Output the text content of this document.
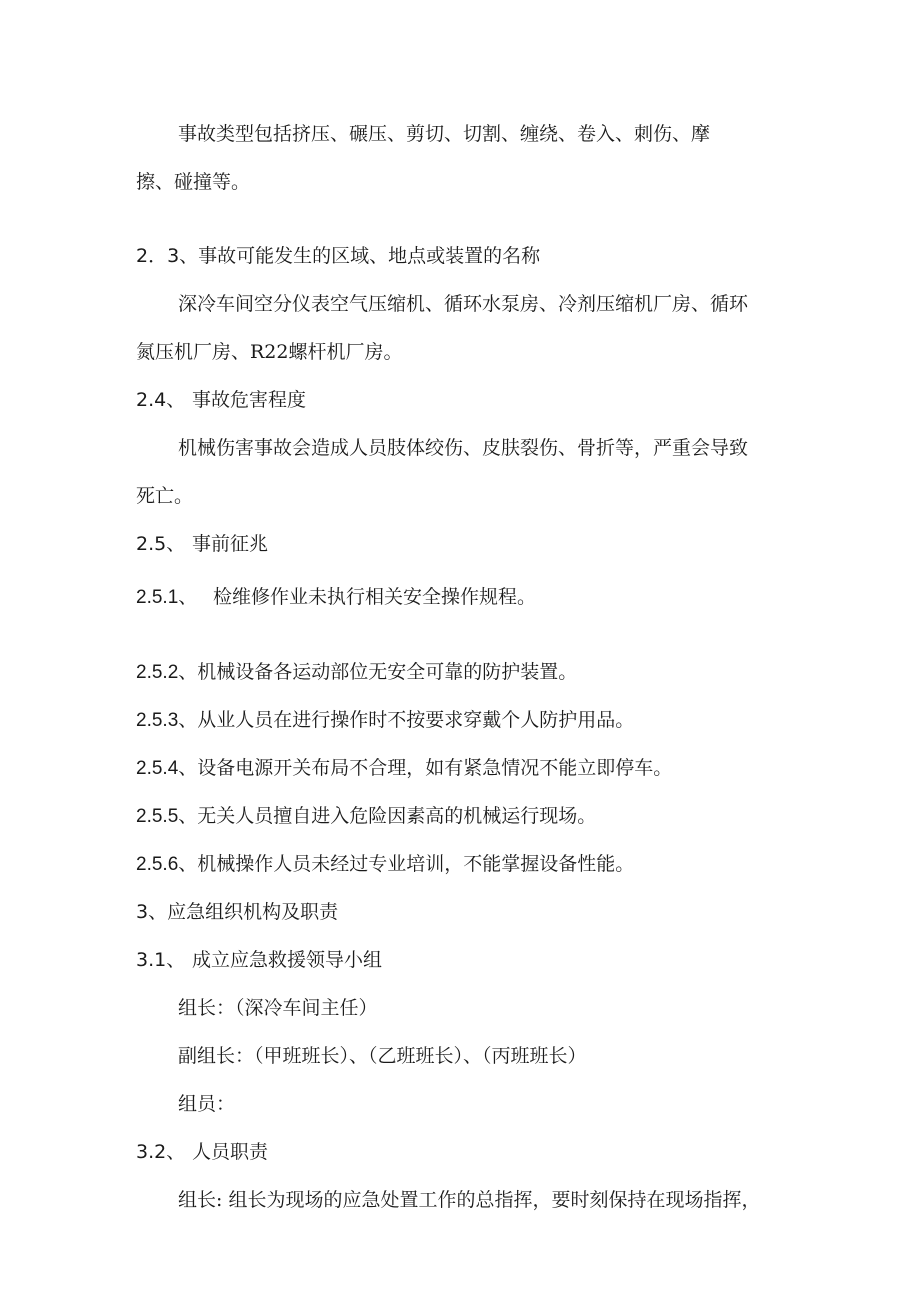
事故类型包括挤压、碾压、剪切、切割、缠绕、卷入、刺伤、摩
擦、碰撞等。
2．3、事故可能发生的区域、地点或装置的名称
深冷车间空分仪表空气压缩机、循环水泵房、冷剂压缩机厂房、循环
氮压机厂房、R22螺杆机厂房。
2.4、 事故危害程度
机械伤害事故会造成人员肢体绞伤、皮肤裂伤、骨折等，严重会导致
死亡。
2.5、 事前征兆
2.5.1、 检维修作业未执行相关安全操作规程。
2.5.2、机械设备各运动部位无安全可靠的防护装置。
2.5.3、从业人员在进行操作时不按要求穿戴个人防护用品。
2.5.4、设备电源开关布局不合理，如有紧急情况不能立即停车。
2.5.5、无关人员擅自进入危险因素高的机械运行现场。
2.5.6、机械操作人员未经过专业培训，不能掌握设备性能。
3、应急组织机构及职责
3.1、 成立应急救援领导小组
组长：（深冷车间主任）
副组长：（甲班班长）、（乙班班长）、（丙班班长）
组员：
3.2、 人员职责
组长: 组长为现场的应急处置工作的总指挥，要时刻保持在现场指挥，
